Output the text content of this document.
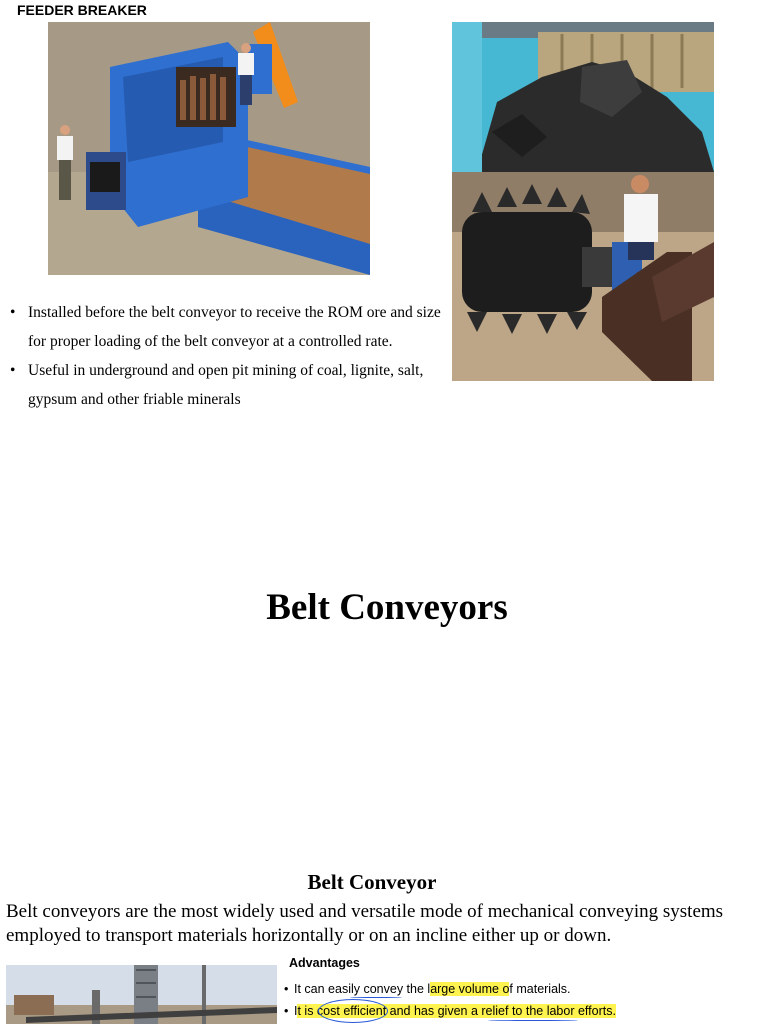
FEEDER BREAKER
• Installed before the belt conveyor to receive the ROM ore and size for proper loading of the belt conveyor at a controlled rate.
• Useful in underground and open pit mining of coal, lignite, salt, gypsum and other friable minerals
Belt Conveyors
Belt Conveyor
Belt conveyors are the most widely used and versatile mode of mechanical conveying systems employed to transport materials horizontally or on an incline either up or down.
Advantages
• It can easily convey the large volume of materials.
• It is cost efficient and has given a relief to the labor efforts.
